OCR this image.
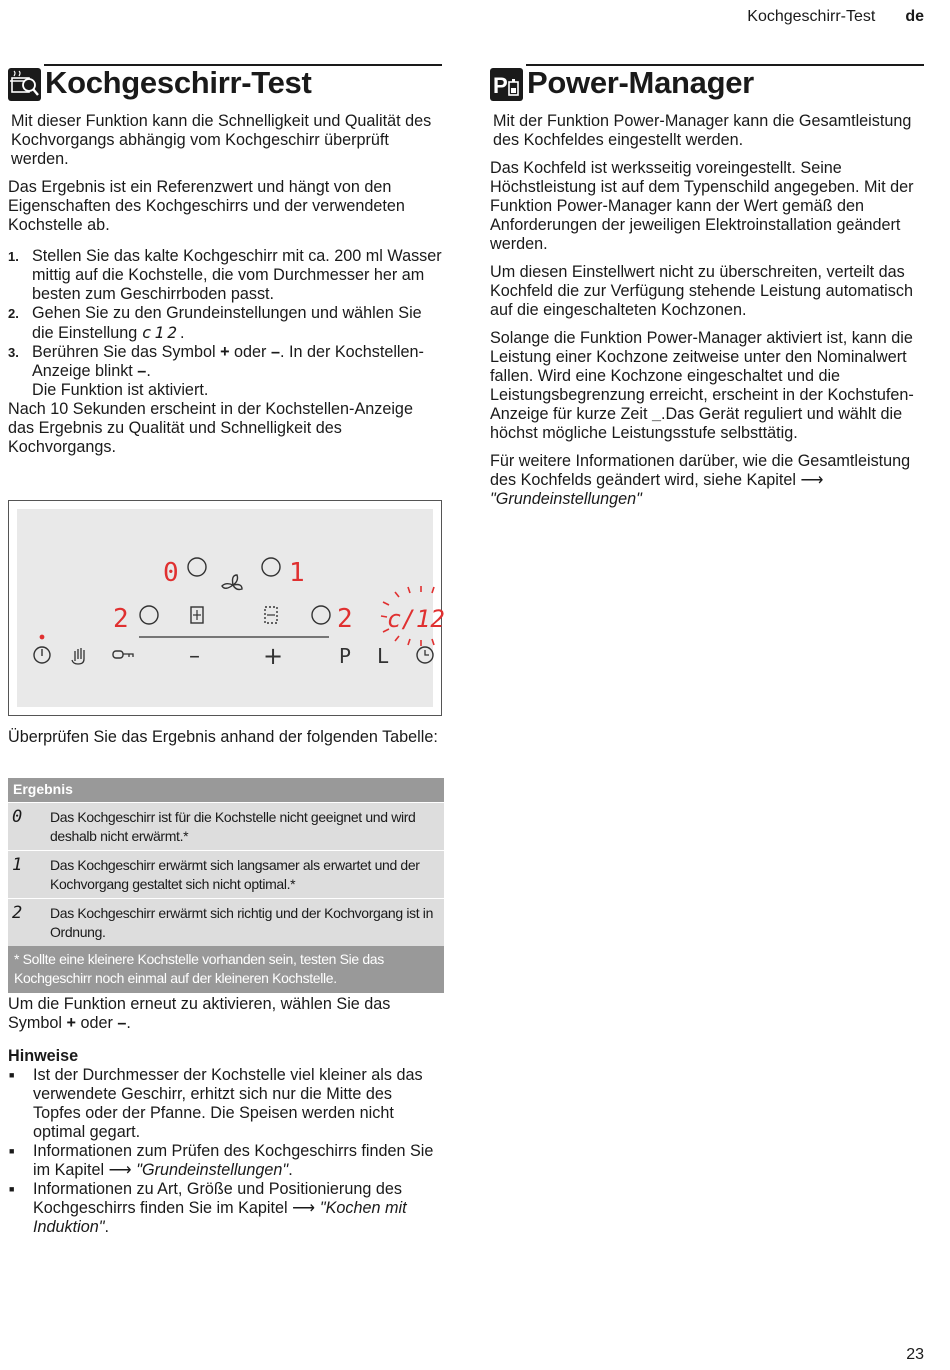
Kochgeschirr-Test de
Kochgeschirr-Test

Mit dieser Funktion kann die Schnelligkeit und Qualität des Kochvorgangs abhängig vom Kochgeschirr überprüft werden.

Das Ergebnis ist ein Referenzwert und hängt von den Eigenschaften des Kochgeschirrs und der verwendeten Kochstelle ab.

1. Stellen Sie das kalte Kochgeschirr mit ca. 200 ml Wasser mittig auf die Kochstelle, die vom Durchmesser her am besten zum Geschirrboden passt.
2. Gehen Sie zu den Grundeinstellungen und wählen Sie die Einstellung c12.
3. Berühren Sie das Symbol + oder –. In der Kochstellen-Anzeige blinkt –.
Die Funktion ist aktiviert.

Nach 10 Sekunden erscheint in der Kochstellen-Anzeige das Ergebnis zu Qualität und Schnelligkeit des Kochvorgangs.

0	1
2	2 c/12
–	+	P L

Überprüfen Sie das Ergebnis anhand der folgenden Tabelle:

Ergebnis
0	Das Kochgeschirr ist für die Kochstelle nicht geeignet und wird deshalb nicht erwärmt.*
1	Das Kochgeschirr erwärmt sich langsamer als erwartet und der Kochvorgang gestaltet sich nicht optimal.*
2	Das Kochgeschirr erwärmt sich richtig und der Kochvorgang ist in Ordnung.
* Sollte eine kleinere Kochstelle vorhanden sein, testen Sie das Kochgeschirr noch einmal auf der kleineren Kochstelle.

Um die Funktion erneut zu aktivieren, wählen Sie das Symbol + oder –.

Hinweise
■	Ist der Durchmesser der Kochstelle viel kleiner als das verwendete Geschirr, erhitzt sich nur die Mitte des Topfes oder der Pfanne. Die Speisen werden nicht optimal gegart.
■	Informationen zum Prüfen des Kochgeschirrs finden Sie im Kapitel ⟶ "Grundeinstellungen".
■	Informationen zu Art, Größe und Positionierung des Kochgeschirrs finden Sie im Kapitel ⟶ "Kochen mit Induktion".
P Power-Manager

Mit der Funktion Power-Manager kann die Gesamtleistung des Kochfeldes eingestellt werden.

Das Kochfeld ist werksseitig voreingestellt. Seine Höchstleistung ist auf dem Typenschild angegeben. Mit der Funktion Power-Manager kann der Wert gemäß den Anforderungen der jeweiligen Elektroinstallation geändert werden.

Um diesen Einstellwert nicht zu überschreiten, verteilt das Kochfeld die zur Verfügung stehende Leistung automatisch auf die eingeschalteten Kochzonen.

Solange die Funktion Power-Manager aktiviert ist, kann die Leistung einer Kochzone zeitweise unter den Nominalwert fallen. Wird eine Kochzone eingeschaltet und die Leistungsbegrenzung erreicht, erscheint in der Kochstufen-Anzeige für kurze Zeit _.Das Gerät reguliert und wählt die höchst mögliche Leistungsstufe selbsttätig.

Für weitere Informationen darüber, wie die Gesamtleistung des Kochfelds geändert wird, siehe Kapitel ⟶ "Grundeinstellungen"

23
